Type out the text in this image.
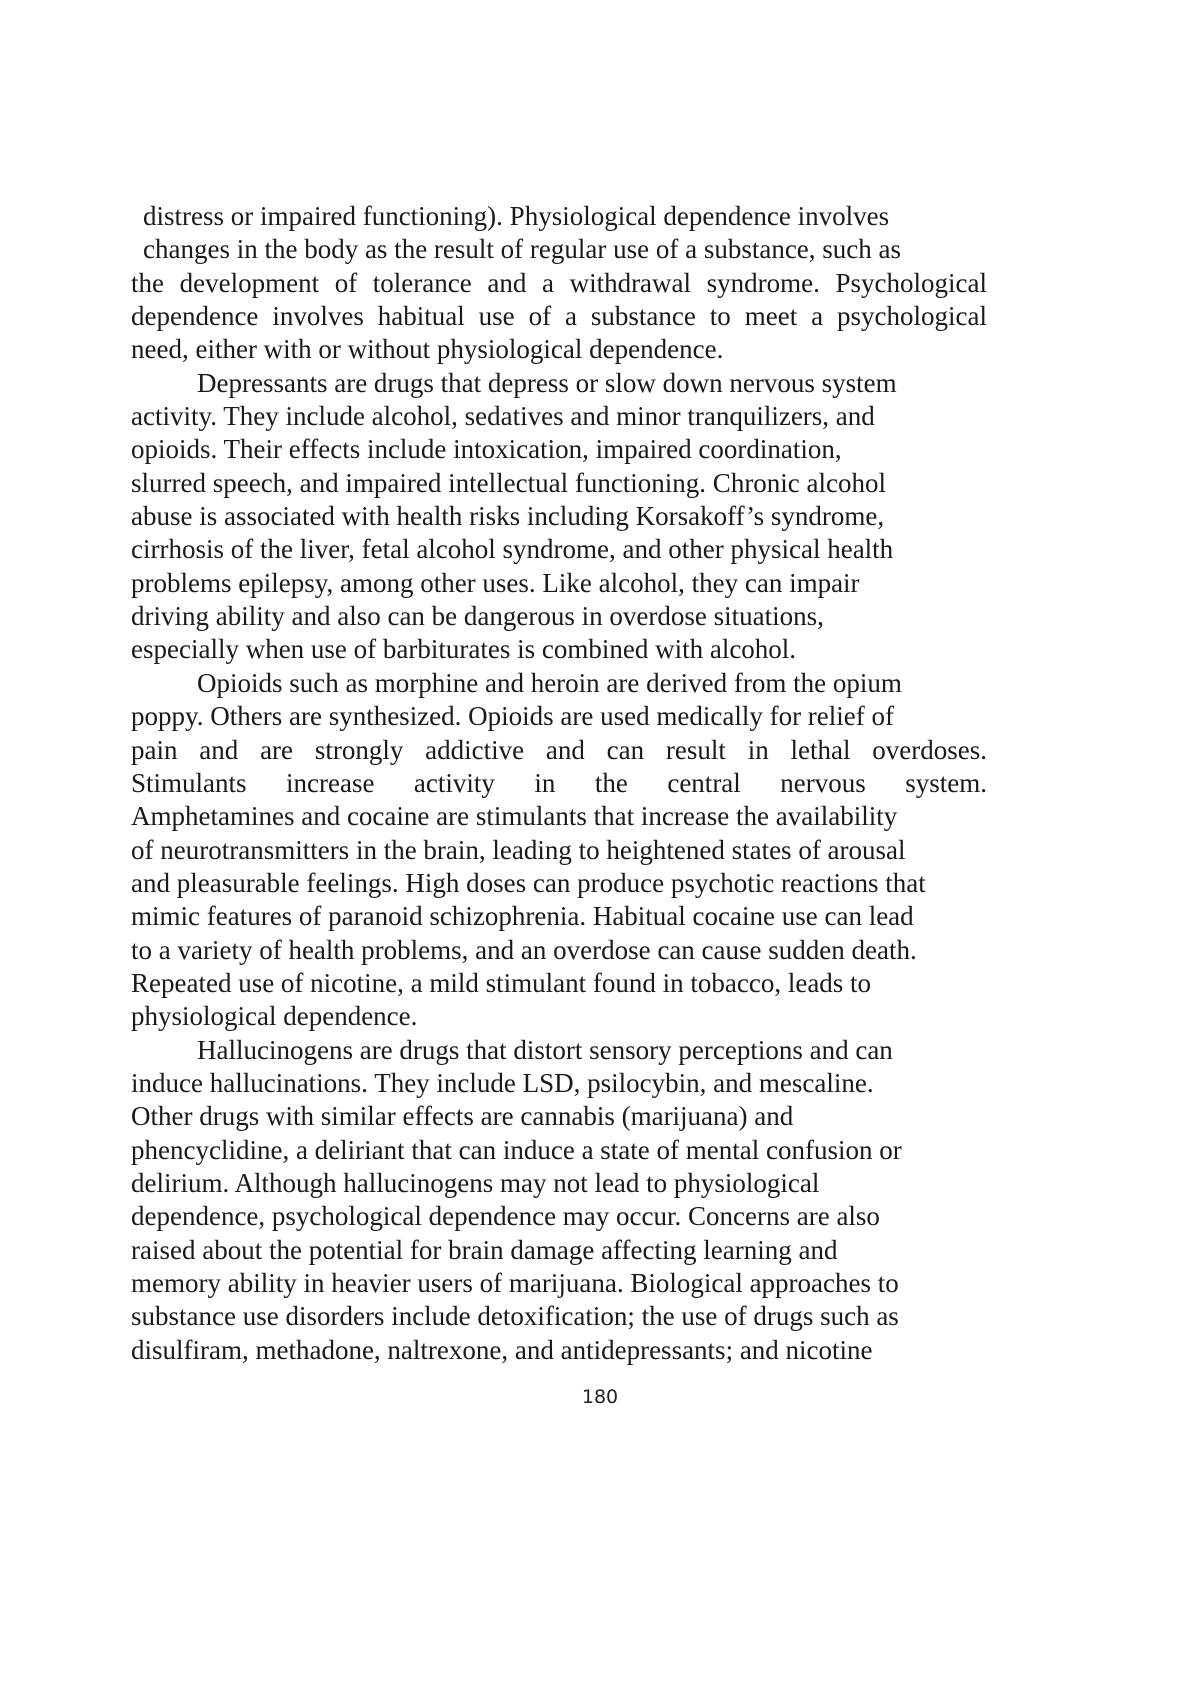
distress or impaired functioning). Physiological dependence involves
changes in the body as the result of regular use of a substance, such as
the development of tolerance and a withdrawal syndrome. Psychological
dependence involves habitual use of a substance to meet a psychological
need, either with or without physiological dependence.
Depressants are drugs that depress or slow down nervous system
activity. They include alcohol, sedatives and minor tranquilizers, and
opioids. Their effects include intoxication, impaired coordination,
slurred speech, and impaired intellectual functioning. Chronic alcohol
abuse is associated with health risks including Korsakoff’s syndrome,
cirrhosis of the liver, fetal alcohol syndrome, and other physical health
problems epilepsy, among other uses. Like alcohol, they can impair
driving ability and also can be dangerous in overdose situations,
especially when use of barbiturates is combined with alcohol.
Opioids such as morphine and heroin are derived from the opium
poppy. Others are synthesized. Opioids are used medically for relief of
pain and are strongly addictive and can result in lethal overdoses.
Stimulants increase activity in the central nervous system.
Amphetamines and cocaine are stimulants that increase the availability
of neurotransmitters in the brain, leading to heightened states of arousal
and pleasurable feelings. High doses can produce psychotic reactions that
mimic features of paranoid schizophrenia. Habitual cocaine use can lead
to a variety of health problems, and an overdose can cause sudden death.
Repeated use of nicotine, a mild stimulant found in tobacco, leads to
physiological dependence.
Hallucinogens are drugs that distort sensory perceptions and can
induce hallucinations. They include LSD, psilocybin, and mescaline.
Other drugs with similar effects are cannabis (marijuana) and
phencyclidine, a deliriant that can induce a state of mental confusion or
delirium. Although hallucinogens may not lead to physiological
dependence, psychological dependence may occur. Concerns are also
raised about the potential for brain damage affecting learning and
memory ability in heavier users of marijuana. Biological approaches to
substance use disorders include detoxification; the use of drugs such as
disulfiram, methadone, naltrexone, and antidepressants; and nicotine
180
